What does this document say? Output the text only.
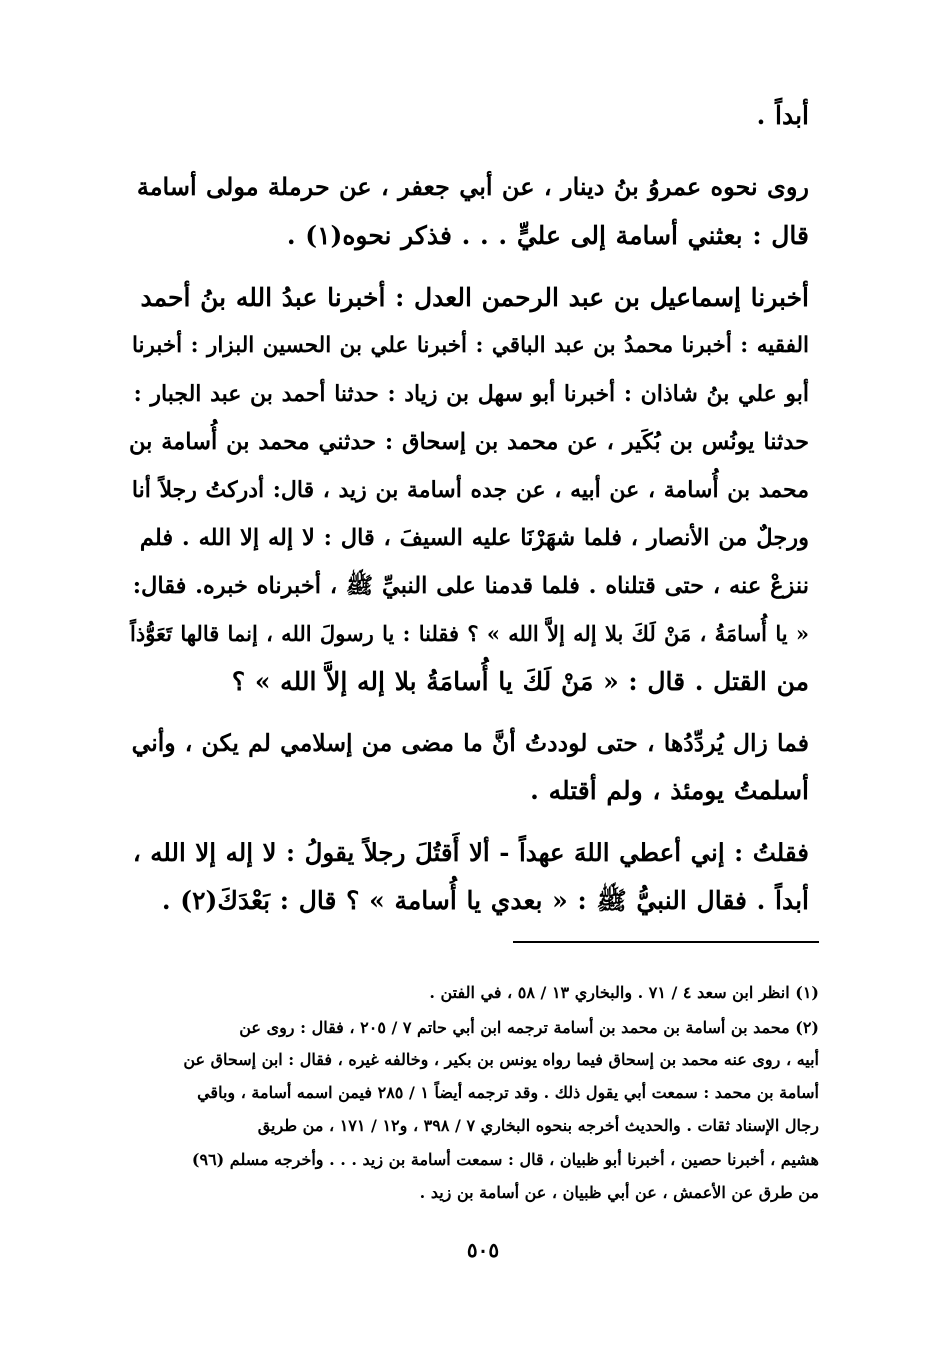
أبداً .
روى نحوه عمروُ بنُ دينار ، عن أبي جعفر ، عن حرملة مولى أسامة
قال : بعثني أسامة إلى عليٍّ . . . فذكر نحوه(١) .
أخبرنا إسماعيل بن عبد الرحمن العدل : أخبرنا عبدُ الله بنُ أحمد
الفقيه : أخبرنا محمدُ بن عبد الباقي : أخبرنا علي بن الحسين البزار : أخبرنا
أبو علي بنُ شاذان : أخبرنا أبو سهل بن زياد : حدثنا أحمد بن عبد الجبار :
حدثنا يونُس بن بُكَير ، عن محمد بن إسحاق : حدثني محمد بن أُسامة بن
محمد بن أُسامة ، عن أبيه ، عن جده أسامة بن زيد ، قال: أدركتُ رجلاً أنا
ورجلٌ من الأنصار ، فلما شهَرْنَا عليه السيفَ ، قال : لا إله إلا الله . فلم
ننزعْ عنه ، حتى قتلناه . فلما قدمنا على النبيِّ ﷺ ، أخبرناه خبره. فقال:
« يا أُسامَةُ ، مَنْ لَكَ بلا إله إلاَّ الله » ؟ فقلنا : يا رسولَ الله ، إنما قالها تَعَوُّذاً
من القتل . قال : « مَنْ لَكَ يا أُسامَةُ بلا إله إلاَّ الله » ؟
فما زال يُردِّدُها ، حتى لوددتُ أنَّ ما مضى من إسلامي لم يكن ، وأني
أسلمتُ يومئذ ، ولم أقتله .
فقلتُ : إني أعطي اللهَ عهداً - ألا أَقتُلَ رجلاً يقولُ : لا إله إلا الله ،
أبداً . فقال النبيُّ ﷺ : « بعدي يا أُسامة » ؟ قال : بَعْدَكَ(٢) .
(١) انظر ابن سعد ٤ / ٧١ . والبخاري ١٣ / ٥٨ ، في الفتن .
(٢) محمد بن أسامة بن محمد بن أسامة ترجمه ابن أبي حاتم ٧ / ٢٠٥ ، فقال : روى عن
أبيه ، روى عنه محمد بن إسحاق فيما رواه يونس بن بكير ، وخالفه غيره ، فقال : ابن إسحاق عن
أسامة بن محمد : سمعت أبي يقول ذلك . وقد ترجمه أيضاً ١ / ٢٨٥ فيمن اسمه أسامة ، وباقي
رجال الإسناد ثقات . والحديث أخرجه بنحوه البخاري ٧ / ٣٩٨ ، و١٢ / ١٧١ ، من طريق
هشيم ، أخبرنا حصين ، أخبرنا أبو ظبيان ، قال : سمعت أسامة بن زيد . . . وأخرجه مسلم (٩٦)
من طرق عن الأعمش ، عن أبي ظبيان ، عن أسامة بن زيد .
٥٠٥
